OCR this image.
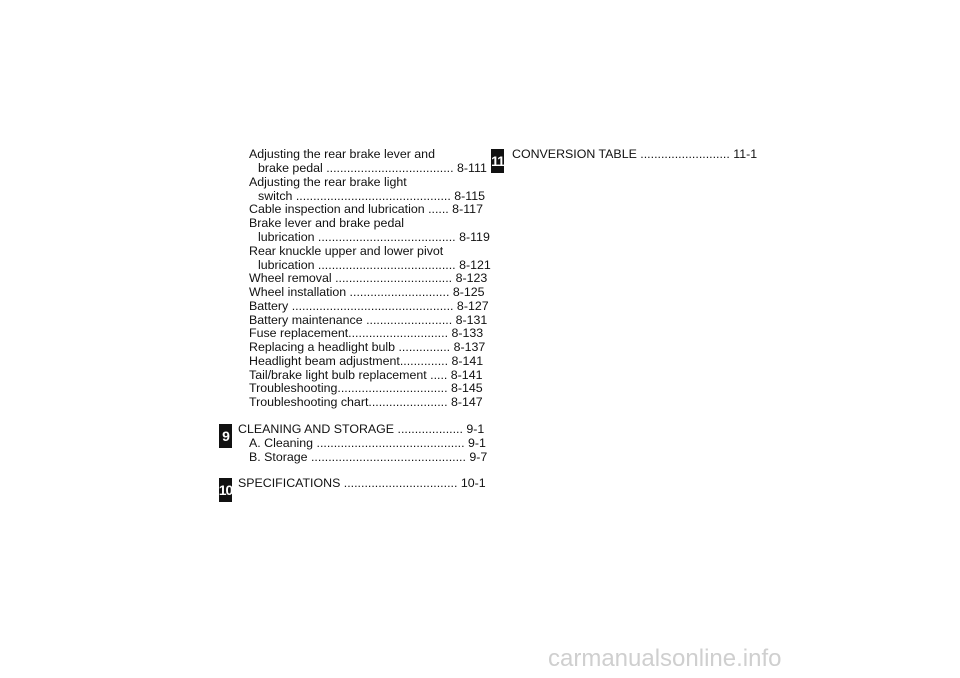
Adjusting the rear brake lever and
brake pedal ..................................... 8-111
Adjusting the rear brake light
switch ............................................. 8-115
Cable inspection and lubrication ...... 8-117
Brake lever and brake pedal
lubrication ........................................ 8-119
Rear knuckle upper and lower pivot
lubrication ........................................ 8-121
Wheel removal .................................. 8-123
Wheel installation ............................. 8-125
Battery ............................................... 8-127
Battery maintenance ......................... 8-131
Fuse replacement............................. 8-133
Replacing a headlight bulb ............... 8-137
Headlight beam adjustment.............. 8-141
Tail/brake light bulb replacement ..... 8-141
Troubleshooting................................ 8-145
Troubleshooting chart....................... 8-147
9 CLEANING AND STORAGE ................... 9-1
A. Cleaning ........................................... 9-1
B. Storage ............................................. 9-7
10 SPECIFICATIONS ................................. 10-1
11 CONVERSION TABLE .......................... 11-1
carmanualsonline.info
